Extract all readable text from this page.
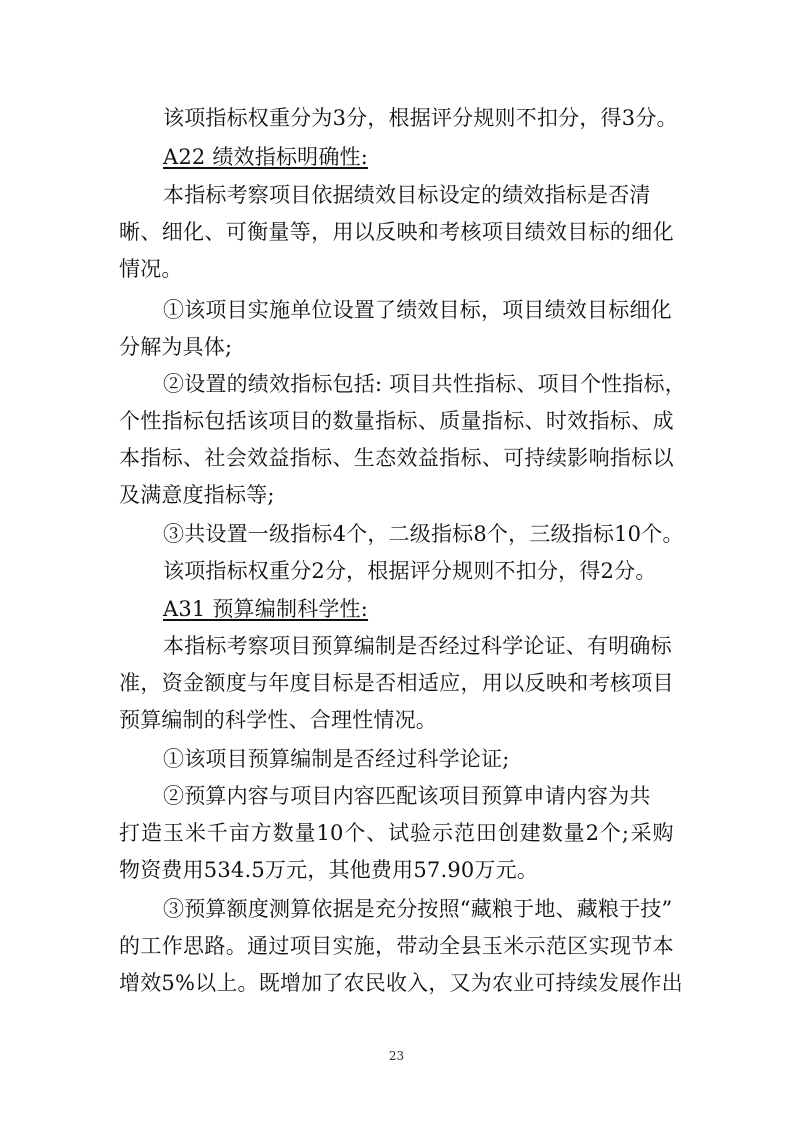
该项指标权重分为3分，根据评分规则不扣分，得3分。
A22 绩效指标明确性:
本指标考察项目依据绩效目标设定的绩效指标是否清
晰 、 细 化 、 可 衡 量 等 ， 用 以 反 映 和 考 核 项 目 绩 效 目 标 的 细 化
情况。
①该项目实施单位设置了绩效目标，项目绩效目标细化
分解为具体;
②设置的绩效指标包括: 项目共性指标、项目个性指标，
个 性 指 标 包 括 该 项 目 的 数 量 指 标 、 质 量 指 标 、 时 效 指 标 、 成
本 指 标 、 社 会 效 益 指 标 、 生 态 效 益 指 标 、 可 持 续 影 响 指 标 以
及满意度指标等;
③共设置一级指标4个，二级指标8个，三级指标10个。
该项指标权重分2分，根据评分规则不扣分，得2分。
A31 预算编制科学性:
本指标考察项目预算编制是否经过科学论证、有明确标
准 ， 资 金 额 度 与 年 度 目 标 是 否 相 适 应 ， 用 以 反 映 和 考 核 项 目
预算编制的科学性、合理性情况。
①该项目预算编制是否经过科学论证;
②预算内容与项目内容匹配该项目预算申请内容为共
打 造 玉 米 千 亩 方 数 量 10 个 、 试 验 示 范 田 创 建 数 量 2 个 ; 采 购
物资费用534.5万元，其他费用57.90万元。
③预算额度测算依据是充分按照“藏粮于地、藏粮于技”
的 工 作 思 路 。 通 过 项 目 实 施 ， 带 动 全 县 玉 米 示 范 区 实 现 节 本
增 效 5% 以 上 。 既 增 加 了 农 民 收 入 ， 又 为 农 业 可 持 续 发 展 作 出
23
